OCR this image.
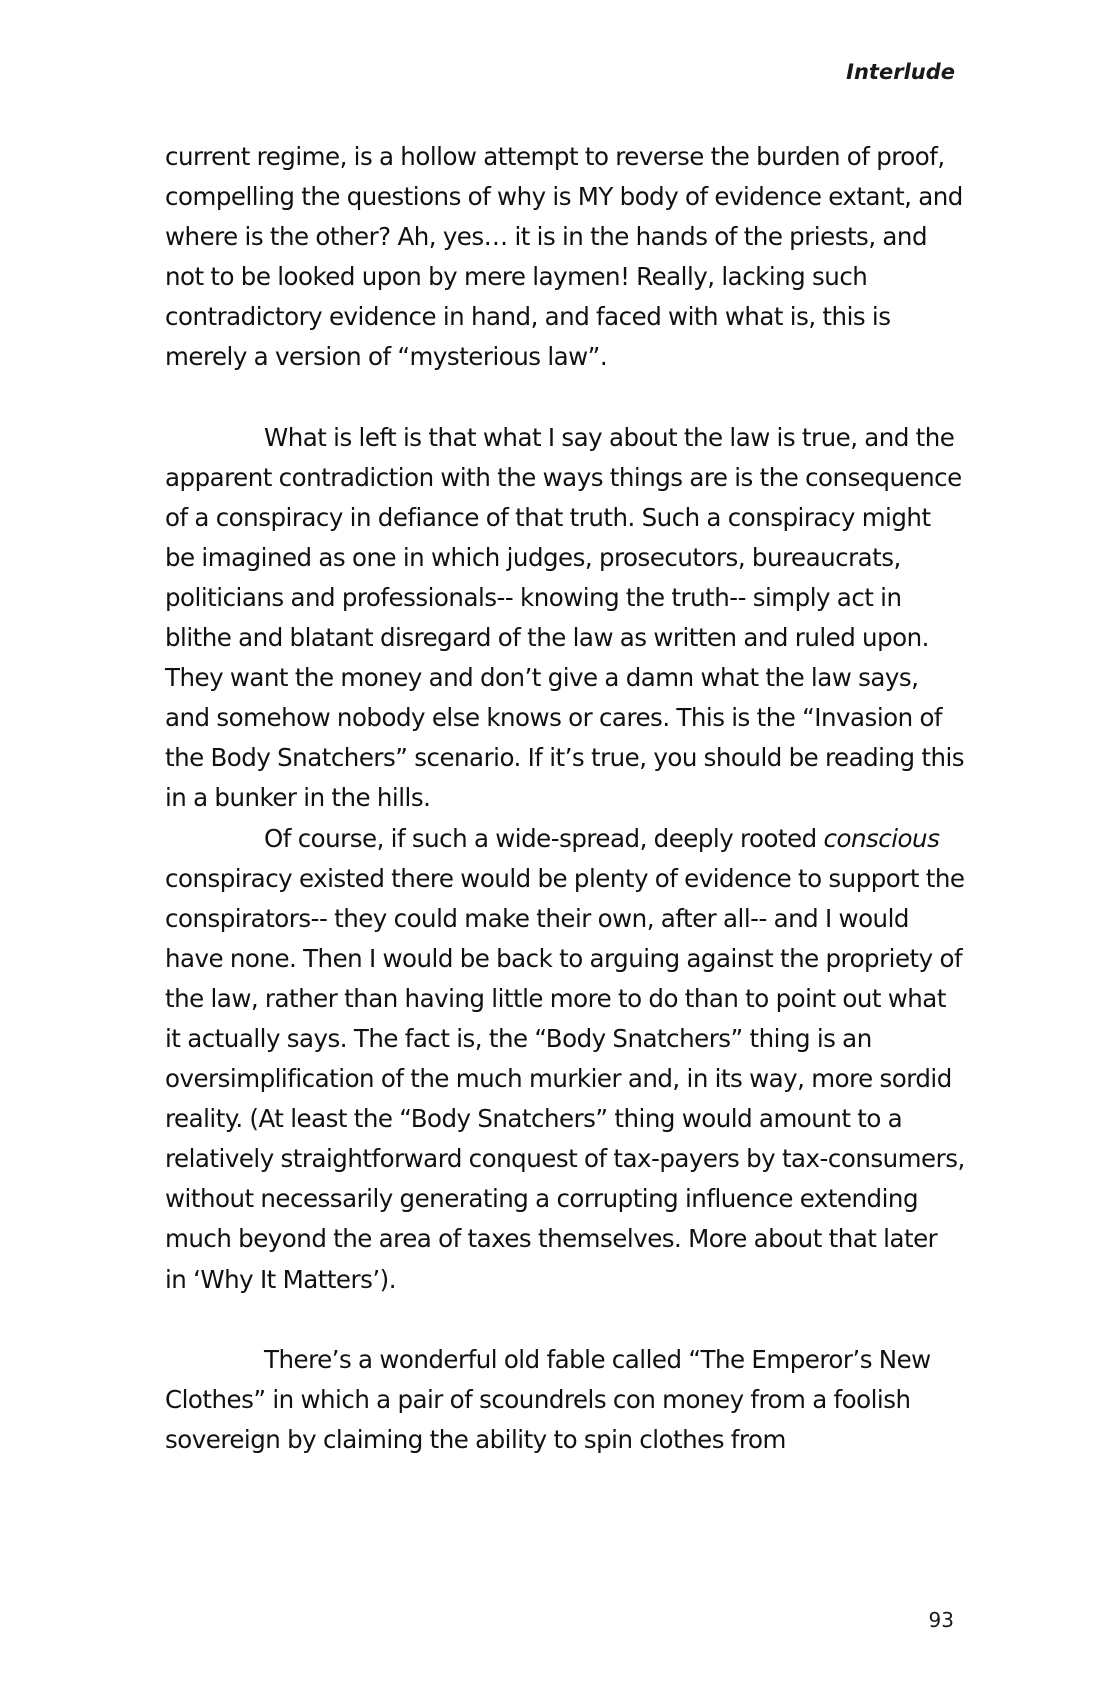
Interlude

current regime, is a hollow attempt to reverse the burden of proof, compelling the questions of why is MY body of evidence extant, and where is the other? Ah, yes… it is in the hands of the priests, and not to be looked upon by mere laymen! Really, lacking such contradictory evidence in hand, and faced with what is, this is merely a version of “mysterious law”.

What is left is that what I say about the law is true, and the apparent contradiction with the ways things are is the consequence of a conspiracy in defiance of that truth. Such a conspiracy might be imagined as one in which judges, prosecutors, bureaucrats, politicians and professionals-- knowing the truth-- simply act in blithe and blatant disregard of the law as written and ruled upon. They want the money and don’t give a damn what the law says, and somehow nobody else knows or cares. This is the “Invasion of the Body Snatchers” scenario. If it’s true, you should be reading this in a bunker in the hills.

Of course, if such a wide-spread, deeply rooted conscious conspiracy existed there would be plenty of evidence to support the conspirators-- they could make their own, after all-- and I would have none. Then I would be back to arguing against the propriety of the law, rather than having little more to do than to point out what it actually says. The fact is, the “Body Snatchers” thing is an oversimplification of the much murkier and, in its way, more sordid reality. (At least the “Body Snatchers” thing would amount to a relatively straightforward conquest of tax-payers by tax-consumers, without necessarily generating a corrupting influence extending much beyond the area of taxes themselves. More about that later in ‘Why It Matters’).

There’s a wonderful old fable called “The Emperor’s New Clothes” in which a pair of scoundrels con money from a foolish sovereign by claiming the ability to spin clothes from

93
